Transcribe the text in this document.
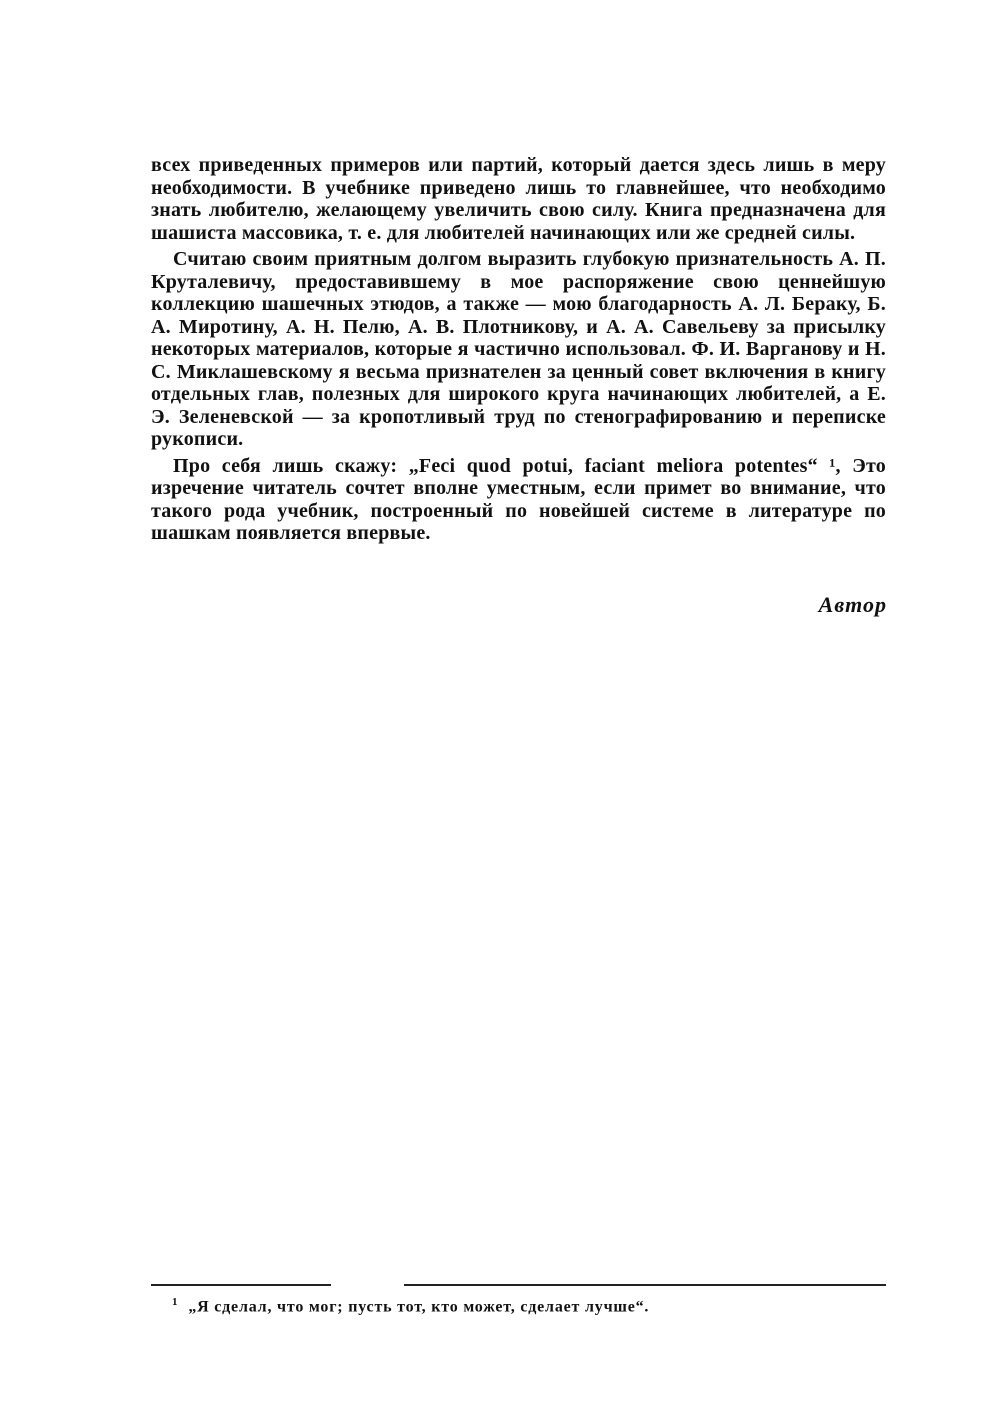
всех приведенных примеров или партий, который дается здесь лишь в меру необходимости. В учебнике приведено лишь то главнейшее, что необходимо знать любителю, желающему увеличить свою силу. Книга предназначена для шашиста массовика, т. е. для любителей начинающих или же средней силы.

Считаю своим приятным долгом выразить глубокую признательность А. П. Круталевичу, предоставившему в мое распоряжение свою ценнейшую коллекцию шашечных этюдов, а также — мою благодарность А. Л. Бераку, Б. А. Миротину, А. Н. Пелю, А. В. Плотникову, и А. А. Савельеву за присылку некоторых материалов, которые я частично использовал. Ф. И. Варганову и Н. С. Миклашевскому я весьма признателен за ценный совет включения в книгу отдельных глав, полезных для широкого круга начинающих любителей, а Е. Э. Зеленевской — за кропотливый труд по стенографированию и переписке рукописи.

Про себя лишь скажу: „Feci quod potui, faciant meliora potentes“ ¹, Это изречение читатель сочтет вполне уместным, если примет во внимание, что такого рода учебник, построенный по новейшей системе в литературе по шашкам появляется впервые.

Автор
$^1$ „Я сделал, что мог; пусть тот, кто может, сделает лучше“.
